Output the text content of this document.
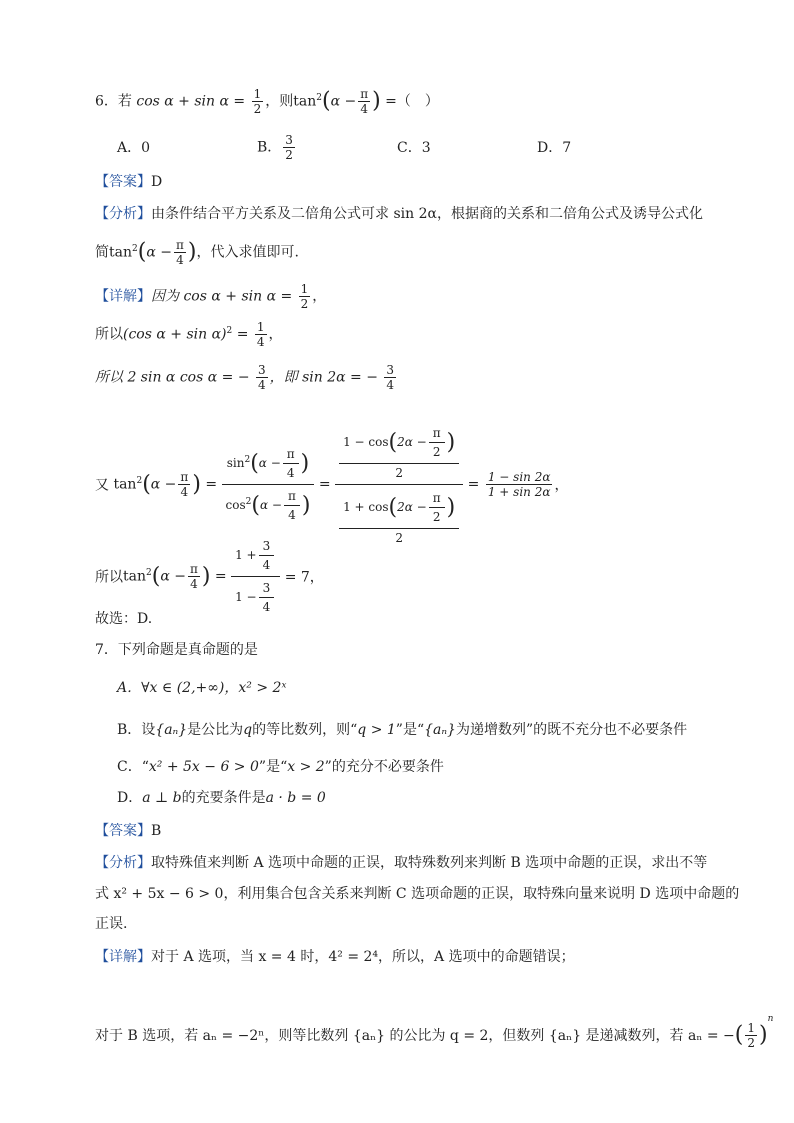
6．若 $\cos \alpha + \sin \alpha = \frac{1}{2}$ ，则$\tan^2(\alpha - \frac{\pi}{4}$ ) =（　）
A．0	B． $\frac{3}{2}$	C．3	D．7
【答案】D
【分析】由条件结合平方关系及二倍角公式可求 sin 2α，根据商的关系和二倍角公式及诱导公式化
简$\tan^2(\alpha - \frac{\pi}{4}$ )，代入求值即可.
【详解】因为 $\cos \alpha + \sin \alpha = \frac{1}{2}$ ，
所以(cos $\alpha + \sin \alpha)^2 = \frac{1}{4}$ ，
所以 2 sin α cos α = − $\frac{3}{4}$ ，即 sin 2α = − $\frac{3}{4}$
又 $\tan^2(\alpha - \frac{\pi}{4}$ ) = $\frac{\sin^2(\alpha - \frac{\pi}{4} )}{\cos^2(\alpha - \frac{\pi}{4} )} = \frac{\frac{1 - \cos(2\alpha - \frac{\pi}{2} )}{2}}{\frac{1 + \cos(2\alpha - \frac{\pi}{2} )}{2}} = \frac{1 - \sin 2\alpha}{1 + \sin 2\alpha}$ ，
所以$\tan^2(\alpha - \frac{\pi}{4}$ ) = $\frac{1 + \frac{3}{4}}{1 - \frac{3}{4}} = 7$，
故选：D.
7．下列命题是真命题的是
A．∀x ∈ (2,+∞)，x² > 2ˣ
B．设{aₙ}是公比为q的等比数列，则“q > 1”是“{aₙ}为递增数列”的既不充分也不必要条件
C．“x² + 5x − 6 > 0”是“x > 2”的充分不必要条件
D．a ⊥ b的充要条件是a · b = 0
【答案】B
【分析】取特殊值来判断 A 选项中命题的正误，取特殊数列来判断 B 选项中命题的正误，求出不等
式 x² + 5x − 6 > 0，利用集合包含关系来判断 C 选项命题的正误，取特殊向量来说明 D 选项中命题的
正误.
【详解】对于 A 选项，当 x = 4 时，4² = 2⁴，所以，A 选项中的命题错误；
对于 B 选项，若 aₙ = −2ⁿ，则等比数列 {aₙ} 的公比为 q = 2，但数列 {aₙ} 是递减数列，若 aₙ = −( $\frac{1}{2} )^n$
